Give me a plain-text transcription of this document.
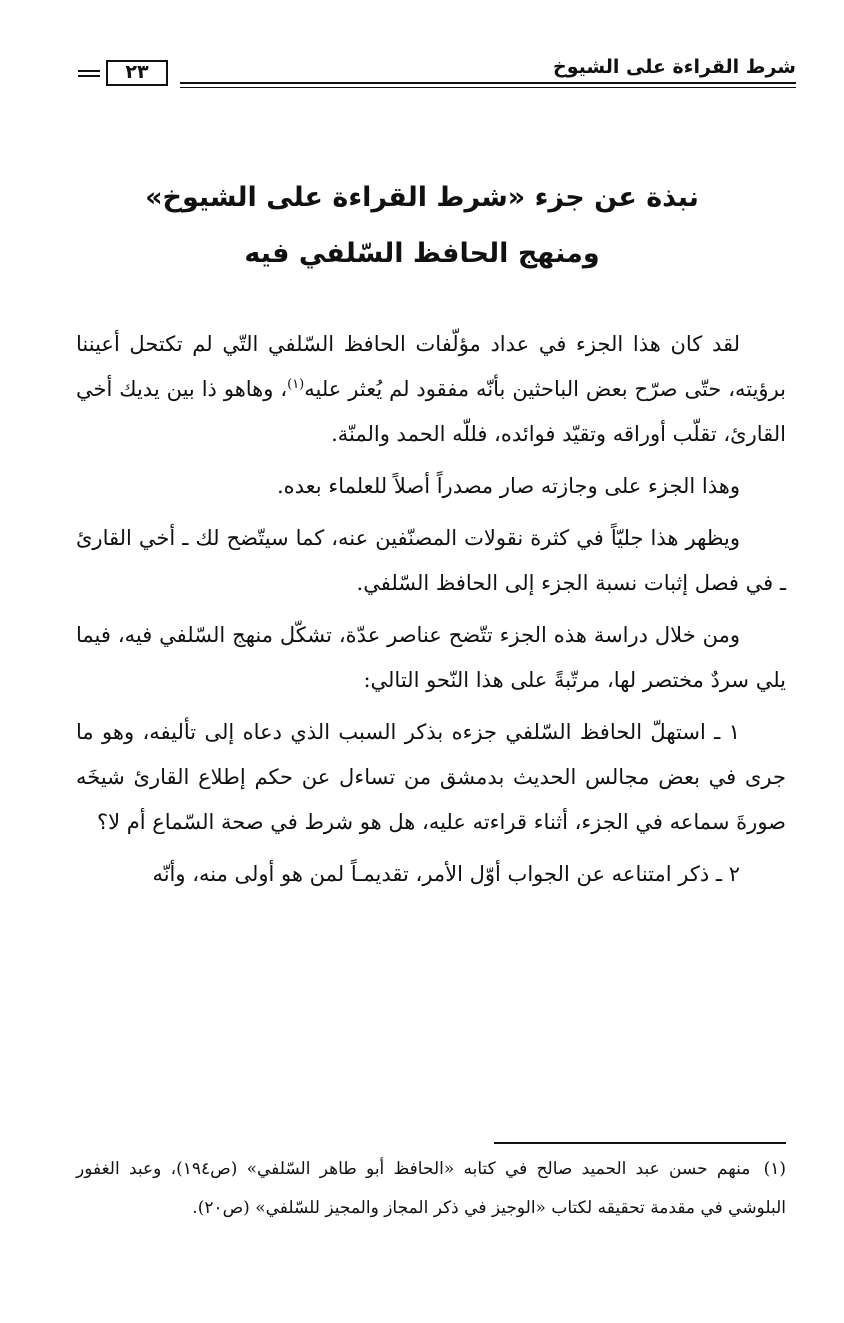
شرط القراءة على الشيوخ
٢٣
نبذة عن جزء «شرط القراءة على الشيوخ»
ومنهج الحافظ السّلفي فيه

لقد كان هذا الجزء في عداد مؤلّفات الحافظ السّلفي التّي لم تكتحل أعيننا برؤيته، حتّى صرّح بعض الباحثين بأنّه مفقود لم يُعثر عليه$^{(١)}$، وهاهو ذا بين يديك أخي القارئ، تقلّب أوراقه وتقيّد فوائده، فللّه الحمد والمنّة.

وهذا الجزء على وجازته صار مصدراً أصلاً للعلماء بعده.

ويظهر هذا جليّاً في كثرة نقولات المصنّفين عنه، كما سيتّضح لك ـ أخي القارئ ـ في فصل إثبات نسبة الجزء إلى الحافظ السّلفي.

ومن خلال دراسة هذه الجزء تتّضح عناصر عدّة، تشكّل منهج السّلفي فيه، فيما يلي سردٌ مختصر لها، مرتّبةً على هذا النّحو التالي:

١ ـ استهلّ الحافظ السّلفي جزءه بذكر السبب الذي دعاه إلى تأليفه، وهو ما جرى في بعض مجالس الحديث بدمشق من تساءل عن حكم إطلاع القارئ شيخَه صورةَ سماعه في الجزء، أثناء قراءته عليه، هل هو شرط في صحة السّماع أم لا؟

٢ ـ ذكر امتناعه عن الجواب أوّل الأمر، تقديمـاً لمن هو أولى منه، وأنّه

(١) منهم حسن عبد الحميد صالح في كتابه «الحافظ أبو طاهر السّلفي» (ص١٩٤)، وعبد الغفور البلوشي في مقدمة تحقيقه لكتاب «الوجيز في ذكر المجاز والمجيز للسّلفي» (ص٢٠).
